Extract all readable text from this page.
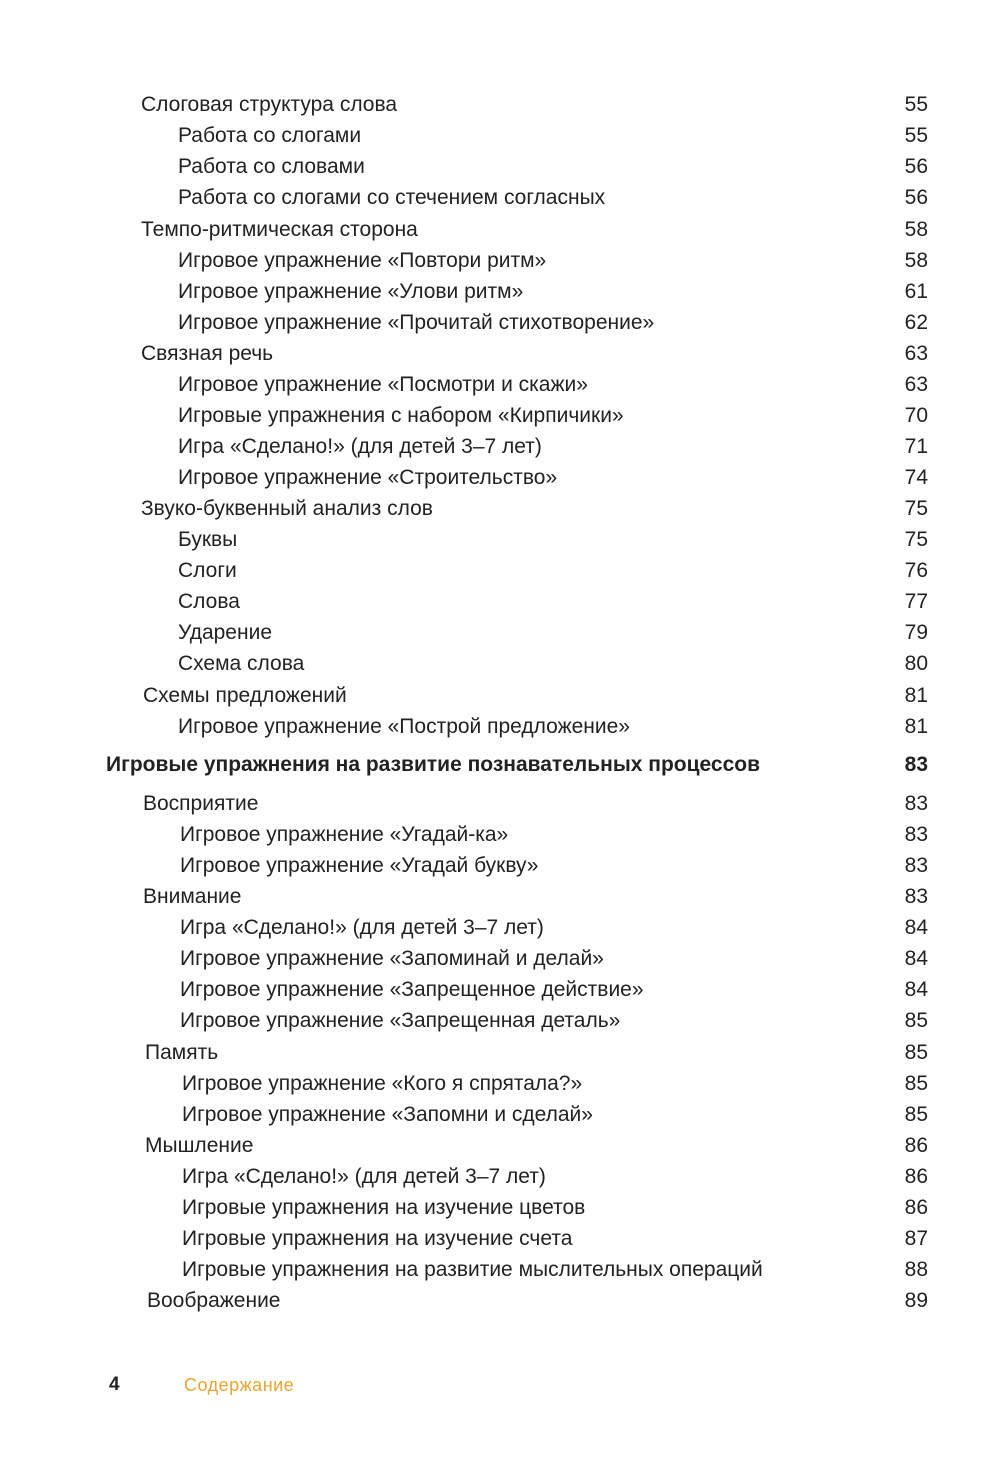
Слоговая структура слова .....	55
Работа со слогами .....	55
Работа со словами .....	56
Работа со слогами со стечением согласных .....	56
Темпо-ритмическая сторона .....	58
Игровое упражнение «Повтори ритм» .....	58
Игровое упражнение «Улови ритм» .....	61
Игровое упражнение «Прочитай стихотворение» .....	62
Связная речь .....	63
Игровое упражнение «Посмотри и скажи» .....	63
Игровые упражнения с набором «Кирпичики» .....	70
Игра «Сделано!» (для детей 3–7 лет) .....	71
Игровое упражнение «Строительство» .....	74
Звуко-буквенный анализ слов .....	75
Буквы .....	75
Слоги .....	76
Слова .....	77
Ударение .....	79
Схема слова .....	80
Схемы предложений .....	81
Игровое упражнение «Построй предложение» .....	81
Игровые упражнения на развитие познавательных процессов .....	83
Восприятие .....	83
Игровое упражнение «Угадай-ка» .....	83
Игровое упражнение «Угадай букву» .....	83
Внимание .....	83
Игра «Сделано!» (для детей 3–7 лет) .....	84
Игровое упражнение «Запоминай и делай» .....	84
Игровое упражнение «Запрещенное действие» .....	84
Игровое упражнение «Запрещенная деталь» .....	85
Память .....	85
Игровое упражнение «Кого я спрятала?» .....	85
Игровое упражнение «Запомни и сделай» .....	85
Мышление .....	86
Игра «Сделано!» (для детей 3–7 лет) .....	86
Игровые упражнения на изучение цветов .....	86
Игровые упражнения на изучение счета .....	87
Игровые упражнения на развитие мыслительных операций .....	88
Воображение .....	89
4	Содержание
